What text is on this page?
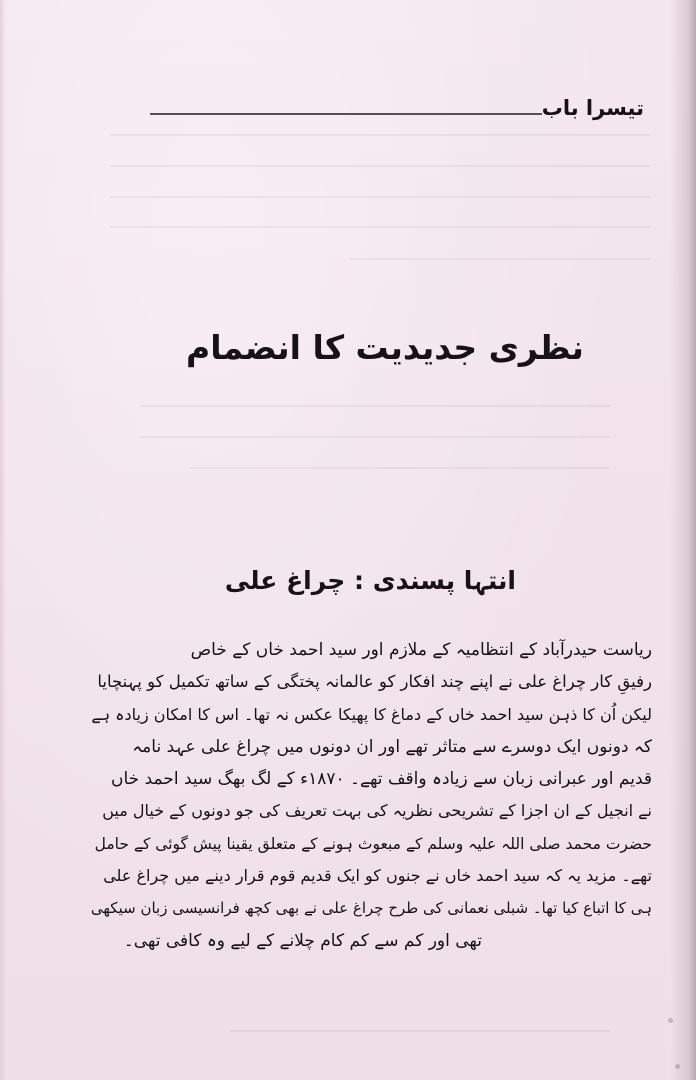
تیسرا باب
نظری جدیدیت کا انضمام
انتہا پسندی : چراغ علی
ریاست حیدرآباد کے انتظامیہ کے ملازم اور سید احمد خاں کے خاص
رفیقِ کار چراغ علی نے اپنے چند افکار کو عالمانہ پختگی کے ساتھ تکمیل کو پہنچایا
لیکن اُن کا ذہن سید احمد خاں کے دماغ کا پھیکا عکس نہ تھا۔ اس کا امکان زیادہ ہے
کہ دونوں ایک دوسرے سے متاثر تھے اور ان دونوں میں چراغ علی عہد نامہ
قدیم اور عبرانی زبان سے زیادہ واقف تھے۔ ۱۸۷۰ء کے لگ بھگ سید احمد خاں
نے انجیل کے ان اجزا کے تشریحی نظریہ کی بہت تعریف کی جو دونوں کے خیال میں
حضرت محمد صلی اللہ علیہ وسلم کے مبعوث ہونے کے متعلق یقینا پیش گوئی کے حامل
تھے۔ مزید یہ کہ سید احمد خاں نے جنوں کو ایک قدیم قوم قرار دینے میں چراغ علی
ہی کا اتباع کیا تھا۔ شبلی نعمانی کی طرح چراغ علی نے بھی کچھ فرانسیسی زبان سیکھی
تھی اور کم سے کم کام چلانے کے لیے وہ کافی تھی۔
